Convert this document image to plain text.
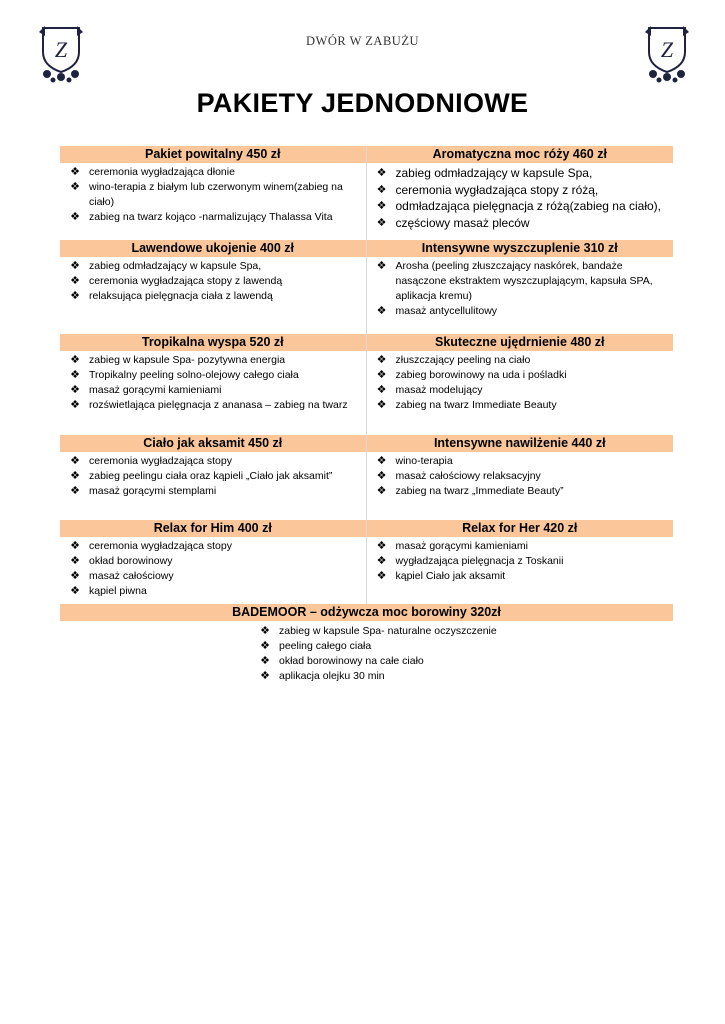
Z	Z
DWÓR W ZABUŻU
PAKIETY JEDNODNIOWE
Pakiet powitalny 450 zł
❖ ceremonia wygładzająca dłonie
❖ wino-terapia z białym lub czerwonym winem(zabieg na ciało)
❖ zabieg na twarz kojąco -narmalizujący Thalassa Vita
Aromatyczna moc róży 460 zł
❖ zabieg odmładzający w kapsule Spa,
❖ ceremonia wygładzająca stopy z różą,
❖ odmładzająca pielęgnacja z różą(zabieg na ciało),
❖ częściowy masaż pleców
Lawendowe ukojenie 400 zł
❖ zabieg odmładzający w kapsule Spa,
❖ ceremonia wygładzająca stopy z lawendą
❖ relaksująca pielęgnacja ciała z lawendą
Intensywne wyszczuplenie 310 zł
❖ Arosha (peeling złuszczający naskórek, bandaże nasączone ekstraktem wyszczuplającym, kapsuła SPA, aplikacja kremu)
❖ masaż antycellulitowy
Tropikalna wyspa 520 zł
❖ zabieg w kapsule Spa- pozytywna energia
❖ Tropikalny peeling solno-olejowy całego ciała
❖ masaż gorącymi kamieniami
❖ rozświetlająca pielęgnacja z ananasa – zabieg na twarz
Skuteczne ujędrnienie 480 zł
❖ złuszczający peeling na ciało
❖ zabieg borowinowy na uda i pośladki
❖ masaż modelujący
❖ zabieg na twarz Immediate Beauty
Ciało jak aksamit 450 zł
❖ ceremonia wygładzająca stopy
❖ zabieg peelingu ciała oraz kąpieli „Ciało jak aksamit”
❖ masaż gorącymi stemplami
Intensywne nawilżenie 440 zł
❖ wino-terapia
❖ masaż całościowy relaksacyjny
❖ zabieg na twarz „Immediate Beauty”
Relax for Him 400 zł
❖ ceremonia wygładzająca stopy
❖ okład borowinowy
❖ masaż całościowy
❖ kąpiel piwna
Relax for Her 420 zł
❖ masaż gorącymi kamieniami
❖ wygładzająca pielęgnacja z Toskanii
❖ kąpiel Ciało jak aksamit
BADEMOOR – odżywcza moc borowiny 320zł
❖ zabieg w kapsule Spa- naturalne oczyszczenie
❖ peeling całego ciała
❖ okład borowinowy na całe ciało
❖ aplikacja olejku 30 min
